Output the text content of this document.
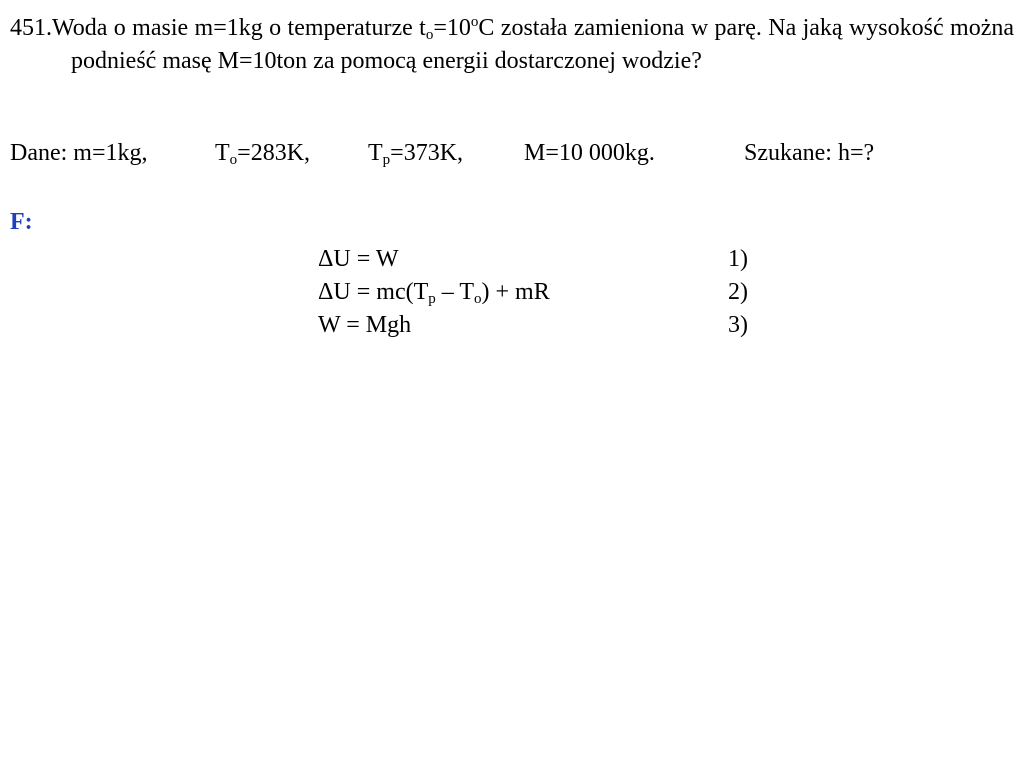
451.Woda o masie m=1kg o temperaturze $t_o=10^oC$ została zamieniona w parę. Na jaką wysokość można podnieść masę M=10ton za pomocą energii dostarczonej wodzie?

Dane: m=1kg,	$T_o=283K$, $T_p=373K$,	M=10 000kg.	Szukane: h=?
F:
ΔU = W	1)
$\Delta U = mc(T_p - T_o)$ + mR	2)
W = Mgh	3)
